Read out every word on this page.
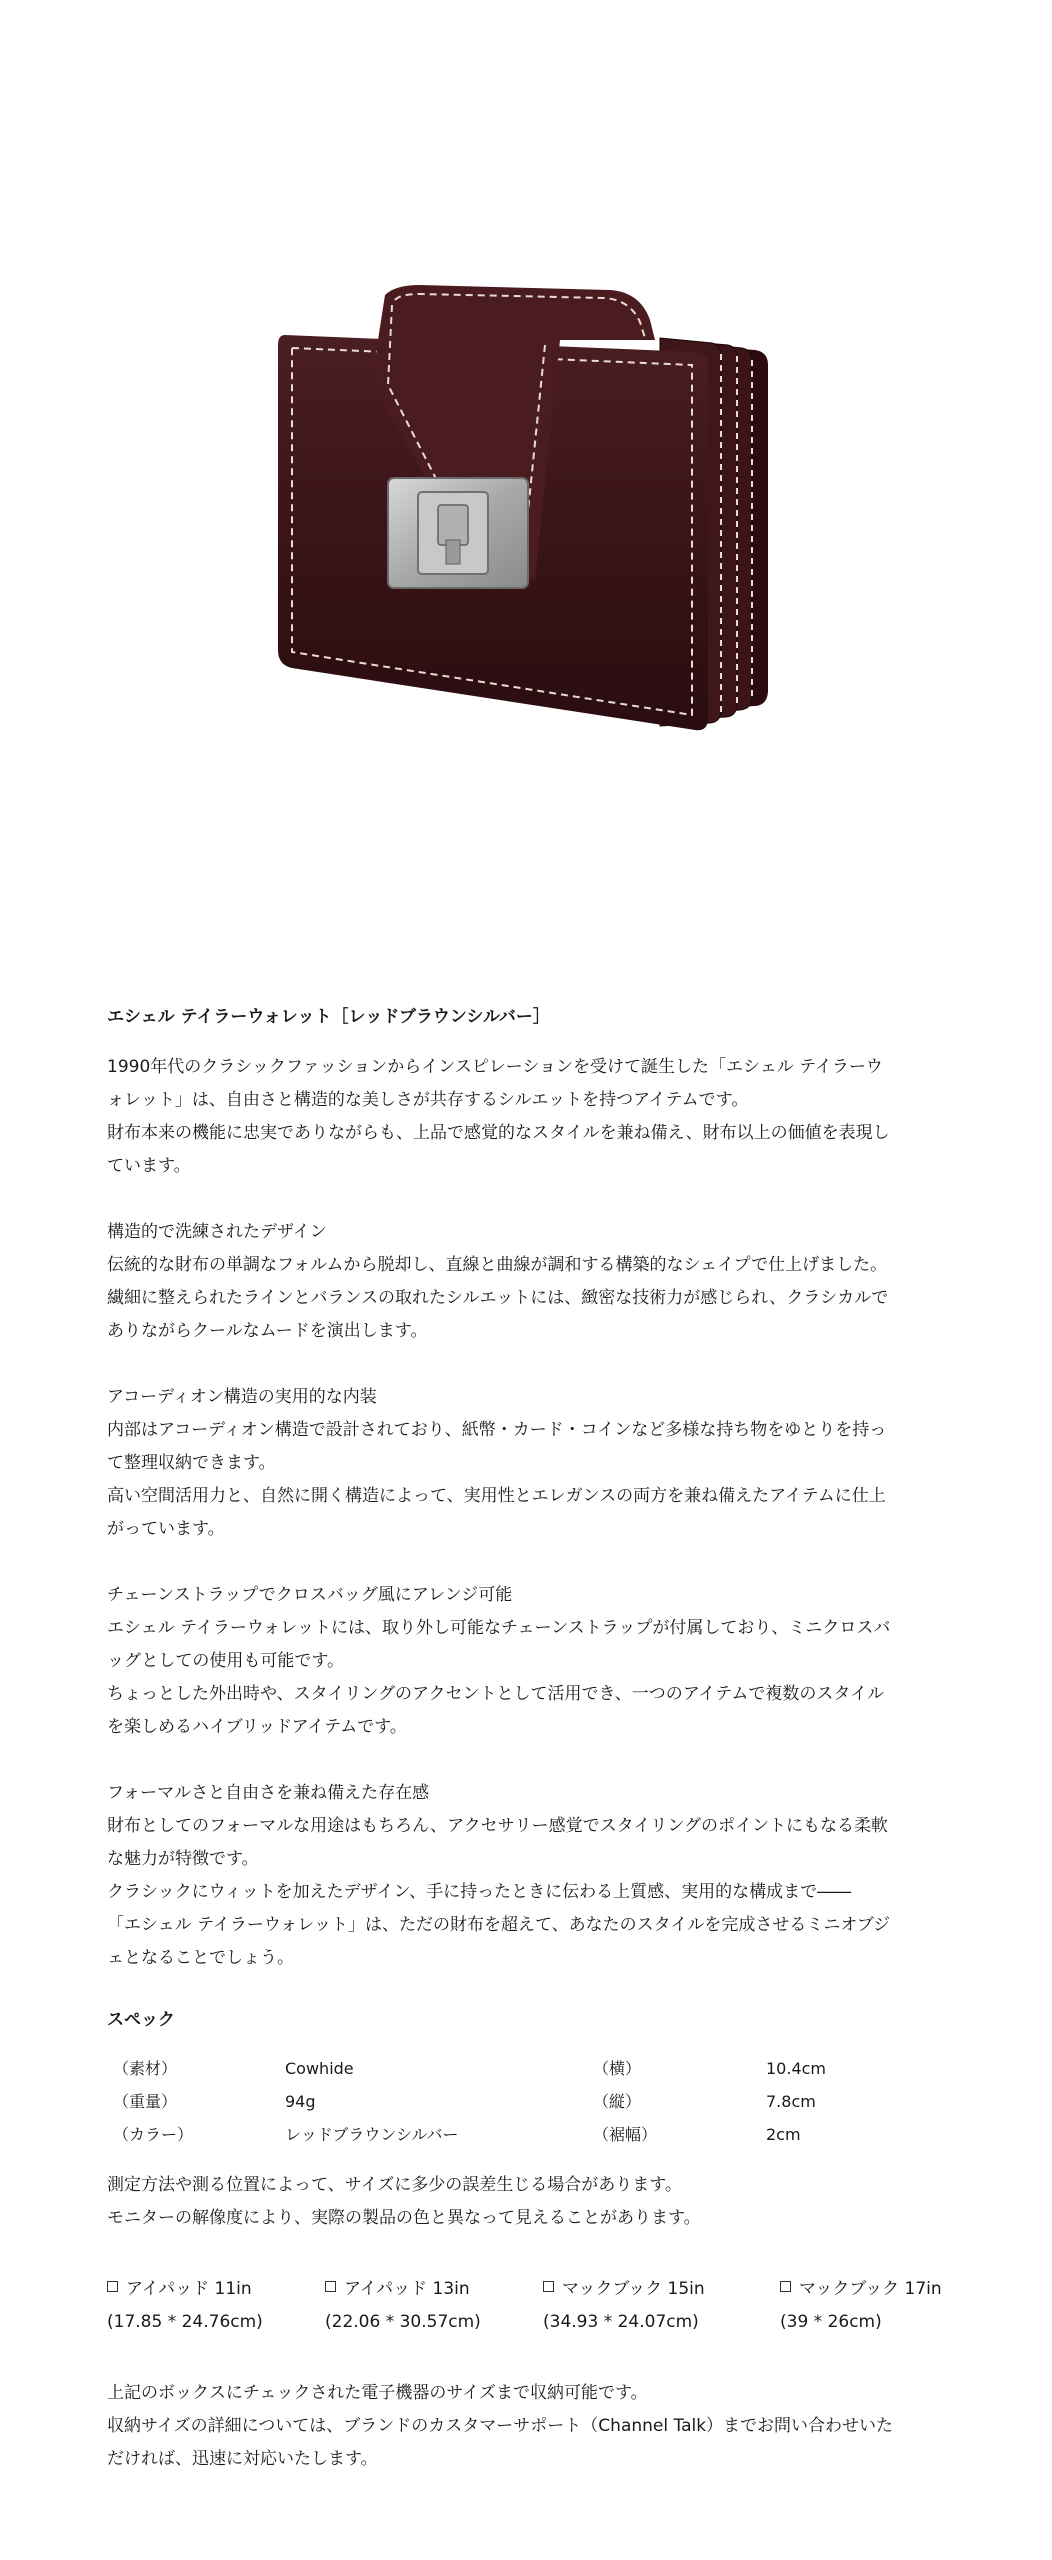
エシェル テイラーウォレット［レッドブラウンシルバー］

1990年代のクラシックファッションからインスピレーションを受けて誕生した「エシェル テイラーウ

ォレット」は、自由さと構造的な美しさが共存するシルエットを持つアイテムです。

財布本来の機能に忠実でありながらも、上品で感覚的なスタイルを兼ね備え、財布以上の価値を表現し

ています。

構造的で洗練されたデザイン

伝統的な財布の単調なフォルムから脱却し、直線と曲線が調和する構築的なシェイプで仕上げました。

繊細に整えられたラインとバランスの取れたシルエットには、緻密な技術力が感じられ、クラシカルで

ありながらクールなムードを演出します。

アコーディオン構造の実用的な内装

内部はアコーディオン構造で設計されており、紙幣・カード・コインなど多様な持ち物をゆとりを持っ

て整理収納できます。

高い空間活用力と、自然に開く構造によって、実用性とエレガンスの両方を兼ね備えたアイテムに仕上

がっています。

チェーンストラップでクロスバッグ風にアレンジ可能

エシェル テイラーウォレットには、取り外し可能なチェーンストラップが付属しており、ミニクロスバ

ッグとしての使用も可能です。

ちょっとした外出時や、スタイリングのアクセントとして活用でき、一つのアイテムで複数のスタイル

を楽しめるハイブリッドアイテムです。

フォーマルさと自由さを兼ね備えた存在感

財布としてのフォーマルな用途はもちろん、アクセサリー感覚でスタイリングのポイントにもなる柔軟

な魅力が特徴です。

クラシックにウィットを加えたデザイン、手に持ったときに伝わる上質感、実用的な構成まで――

「エシェル テイラーウォレット」は、ただの財布を超えて、あなたのスタイルを完成させるミニオブジ

ェとなることでしょう。

スペック
（素材）	Cowhide	（横）	10.4cm
（重量）	94g	（縦）	7.8cm
（カラー）	レッドブラウンシルバー	（裾幅）	2cm

測定方法や測る位置によって、サイズに多少の誤差生じる場合があります。

モニターの解像度により、実際の製品の色と異なって見えることがあります。

アイパッド 11in
(17.85 * 24.76cm)
アイパッド 13in
(22.06 * 30.57cm)
マックブック 15in
(34.93 * 24.07cm)
マックブック 17in
(39 * 26cm)

上記のボックスにチェックされた電子機器のサイズまで収納可能です。

収納サイズの詳細については、ブランドのカスタマーサポート（Channel Talk）までお問い合わせいた

だければ、迅速に対応いたします。
